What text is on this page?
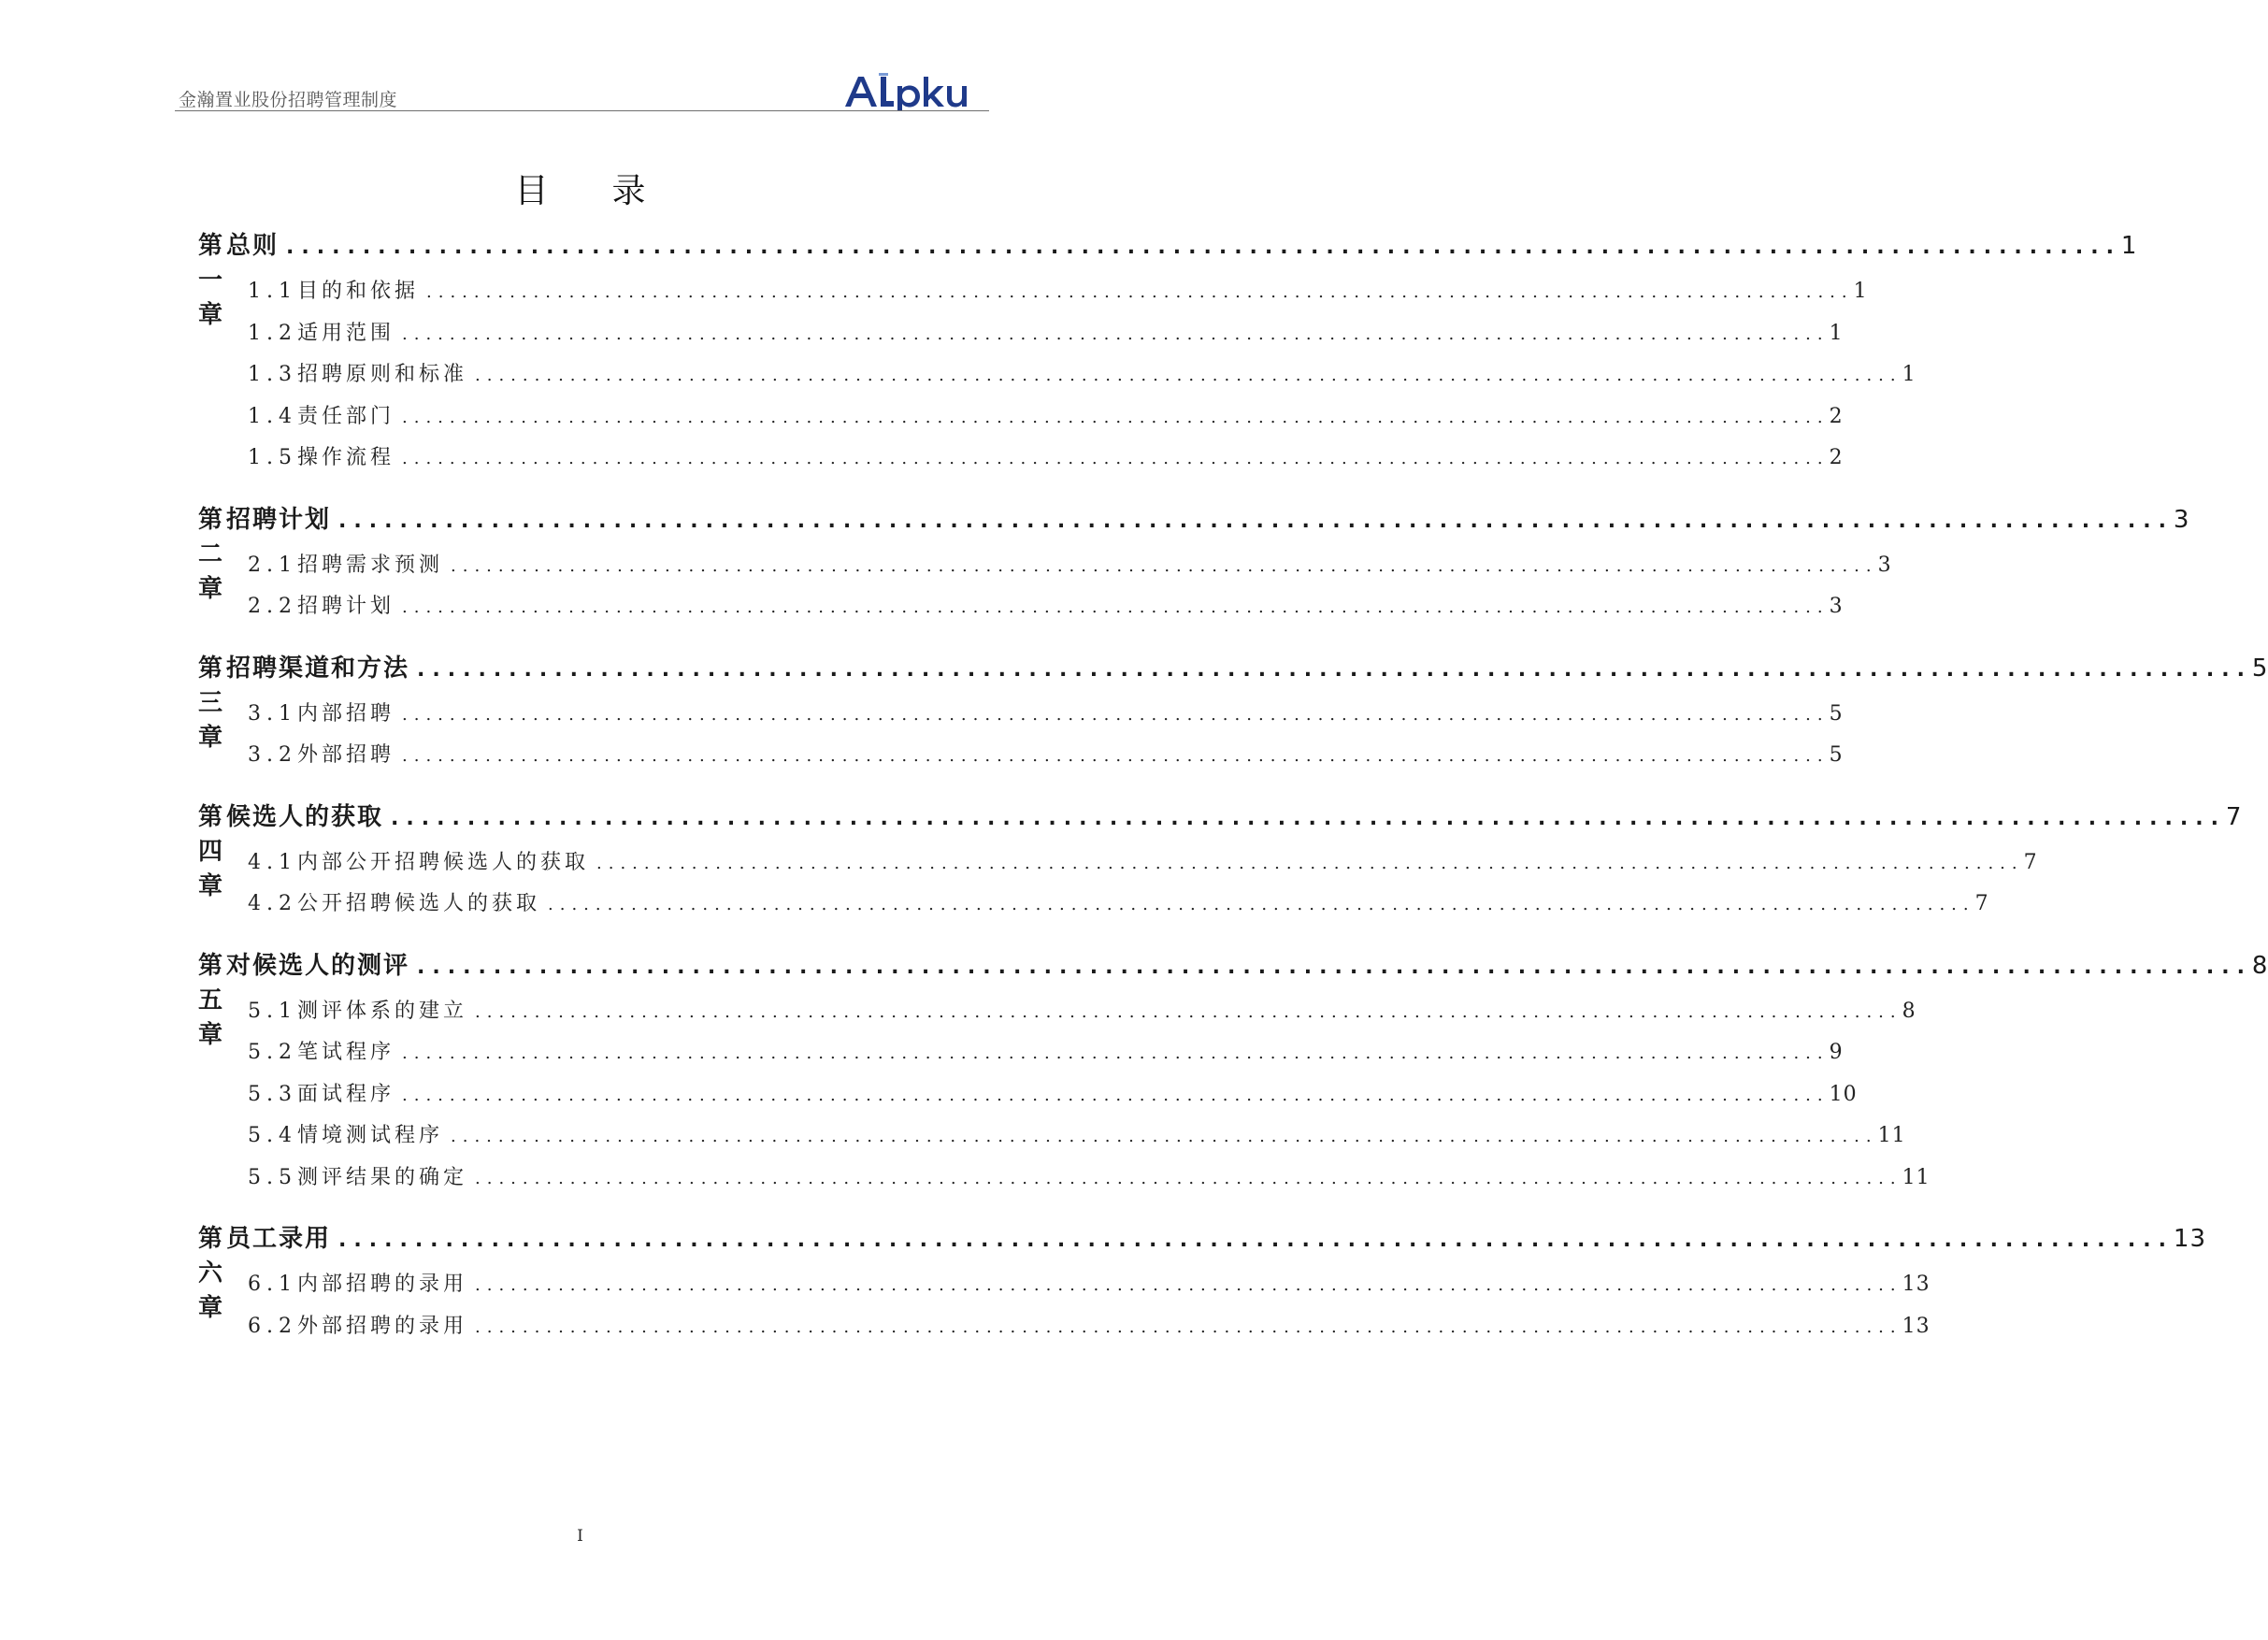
金瀚置业股份招聘管理制度
目 录
第一章
总则 ........................................................................................................................ 1
1.1 目的和依据 ........................................................................................................................ 1
1.2 适用范围 ........................................................................................................................ 1
1.3 招聘原则和标准 ........................................................................................................................ 1
1.4 责任部门 ........................................................................................................................ 2
1.5 操作流程 ........................................................................................................................ 2
第二章
招聘计划 ........................................................................................................................ 3
2.1 招聘需求预测 ........................................................................................................................ 3
2.2 招聘计划 ........................................................................................................................ 3
第三章
招聘渠道和方法 ........................................................................................................................ 5
3.1 内部招聘 ........................................................................................................................ 5
3.2 外部招聘 ........................................................................................................................ 5
第四章
候选人的获取 ........................................................................................................................ 7
4.1 内部公开招聘候选人的获取 ........................................................................................................................ 7
4.2 公开招聘候选人的获取 ........................................................................................................................ 7
第五章
对候选人的测评 ........................................................................................................................ 8
5.1 测评体系的建立 ........................................................................................................................ 8
5.2 笔试程序 ........................................................................................................................ 9
5.3 面试程序 ........................................................................................................................ 10
5.4 情境测试程序 ........................................................................................................................ 11
5.5 测评结果的确定 ........................................................................................................................ 11
第六章
员工录用 ........................................................................................................................ 13
6.1 内部招聘的录用 ........................................................................................................................ 13
6.2 外部招聘的录用 ........................................................................................................................ 13
I
